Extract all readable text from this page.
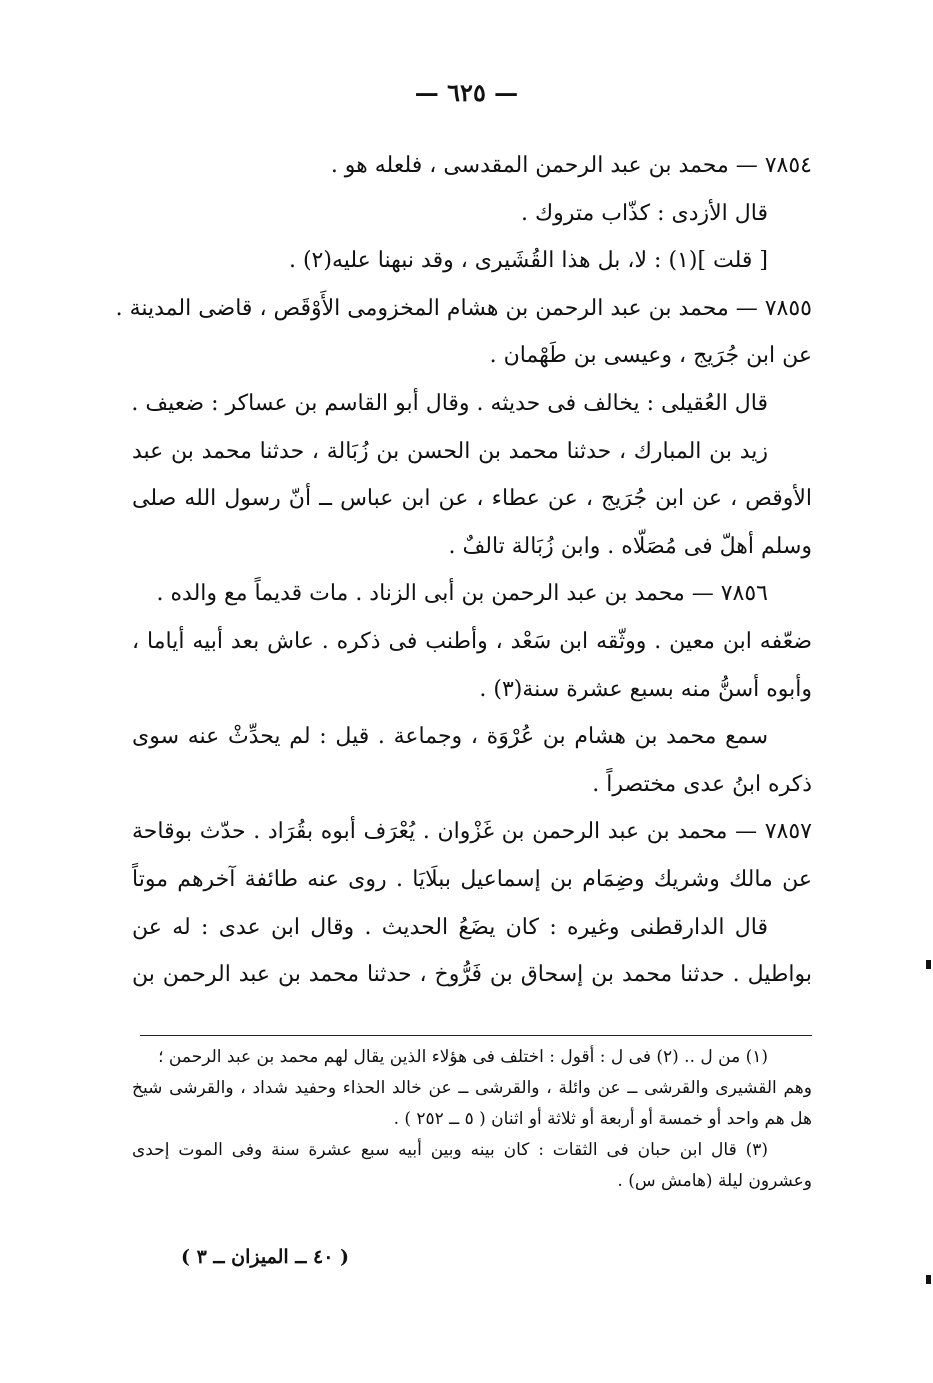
— ٦٢٥ —
٧٨٥٤ — محمد بن عبد الرحمن المقدسى ، فلعله هو .
قال الأزدى : كذّاب متروك .
[ قلت ](١) : لا، بل هذا القُشَيرى ، وقد نبهنا عليه(٢) .
٧٨٥٥ — محمد بن عبد الرحمن بن هشام المخزومى الأَوْقَص ، قاضى المدينة .
عن ابن جُرَيج ، وعيسى بن طَهْمان .
قال العُقيلى : يخالف فى حديثه . وقال أبو القاسم بن عساكر : ضعيف .
زيد بن المبارك ، حدثنا محمد بن الحسن بن زُبَالة ، حدثنا محمد بن عبد
الأوقص ، عن ابن جُرَيج ، عن عطاء ، عن ابن عباس ــ أنّ رسول الله صلى
وسلم أهلّ فى مُصَلّاه . وابن زُبَالة تالفٌ .
٧٨٥٦ — محمد بن عبد الرحمن بن أبى الزناد . مات قديماً مع والده .
ضعّفه ابن معين . ووثّقه ابن سَعْد ، وأطنب فى ذكره . عاش بعد أبيه أياما ،
وأبوه أسنُّ منه بسبع عشرة سنة(٣) .
سمع محمد بن هشام بن عُرْوَة ، وجماعة . قيل : لم يحدِّثْ عنه سوى
ذكره ابنُ عدى مختصراً .
٧٨٥٧ — محمد بن عبد الرحمن بن غَزْوان . يُعْرَف أبوه بقُرَاد . حدّث بوقاحة
عن مالك وشريك وضِمَام بن إسماعيل ببلَايَا . روى عنه طائفة آخرهم موتاً
قال الدارقطنى وغيره : كان يضَعُ الحديث . وقال ابن عدى : له عن
بواطيل . حدثنا محمد بن إسحاق بن فَرُّوخ ، حدثنا محمد بن عبد الرحمن بن
(١) من ل .. (٢) فى ل : أقول : اختلف فى هؤلاء الذين يقال لهم محمد بن عبد الرحمن ؛
وهم القشيرى والقرشى ــ عن وائلة ، والقرشى ــ عن خالد الحذاء وحفيد شداد ، والقرشى شيخ
هل هم واحد أو خمسة أو أربعة أو ثلاثة أو اثنان ( ٥ ــ ٢٥٢ ) .
(٣) قال ابن حبان فى الثقات : كان بينه وبين أبيه سبع عشرة سنة وفى الموت إحدى
وعشرون ليلة (هامش س) .
( ٤٠ ــ الميزان ــ ٣ )
